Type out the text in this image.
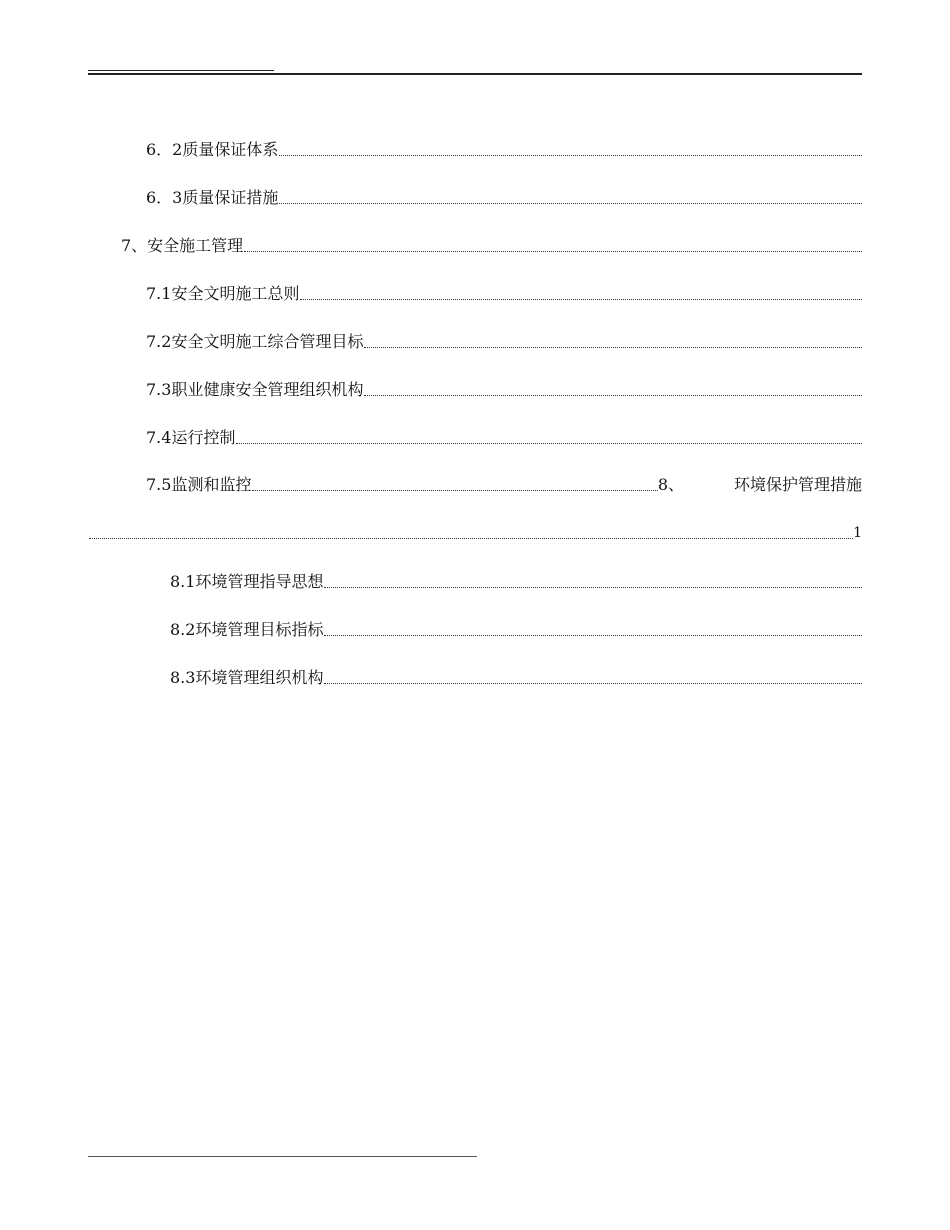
6．2质量保证体系
6．3质量保证措施
7、安全施工管理
7.1安全文明施工总则
7.2安全文明施工综合管理目标
7.3职业健康安全管理组织机构
7.4运行控制
7.5监测和监控	8、	环境保护管理措施
1
8.1环境管理指导思想
8.2环境管理目标指标
8.3环境管理组织机构
